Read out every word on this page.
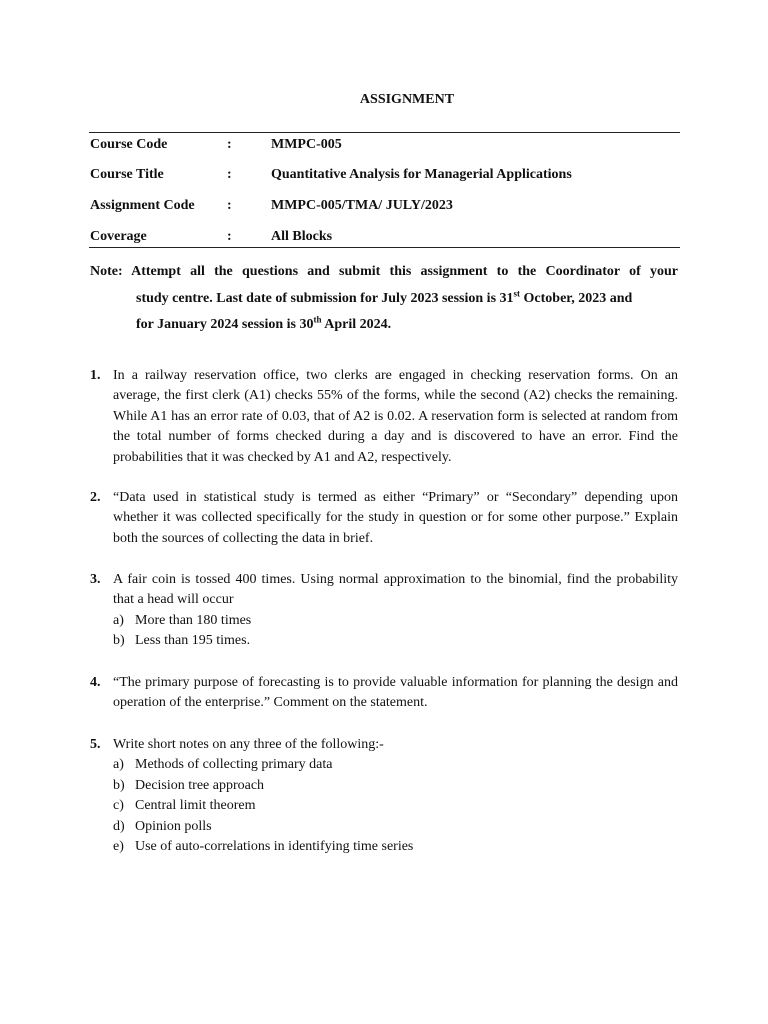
ASSIGNMENT
Course Code	:	MMPC-005
Course Title	:	Quantitative Analysis for Managerial Applications
Assignment Code :	MMPC-005/TMA/ JULY/2023
Coverage	:	All Blocks
Note: Attempt all the questions and submit this assignment to the Coordinator of your
study centre. Last date of submission for July 2023 session is 31st October, 2023 and
for January 2024 session is 30th April 2024.
1. In a railway reservation office, two clerks are engaged in checking reservation forms. On an average, the first clerk (A1) checks 55% of the forms, while the second (A2) checks the remaining. While A1 has an error rate of 0.03, that of A2 is 0.02. A reservation form is selected at random from the total number of forms checked during a day and is discovered to have an error. Find the probabilities that it was checked by A1 and A2, respectively.
2. “Data used in statistical study is termed as either “Primary” or “Secondary” depending upon whether it was collected specifically for the study in question or for some other purpose.” Explain both the sources of collecting the data in brief.
3. A fair coin is tossed 400 times. Using normal approximation to the binomial, find the probability that a head will occur
a) More than 180 times
b) Less than 195 times.
4. “The primary purpose of forecasting is to provide valuable information for planning the design and operation of the enterprise.” Comment on the statement.
5. Write short notes on any three of the following:-
a) Methods of collecting primary data
b) Decision tree approach
c) Central limit theorem
d) Opinion polls
e) Use of auto-correlations in identifying time series
